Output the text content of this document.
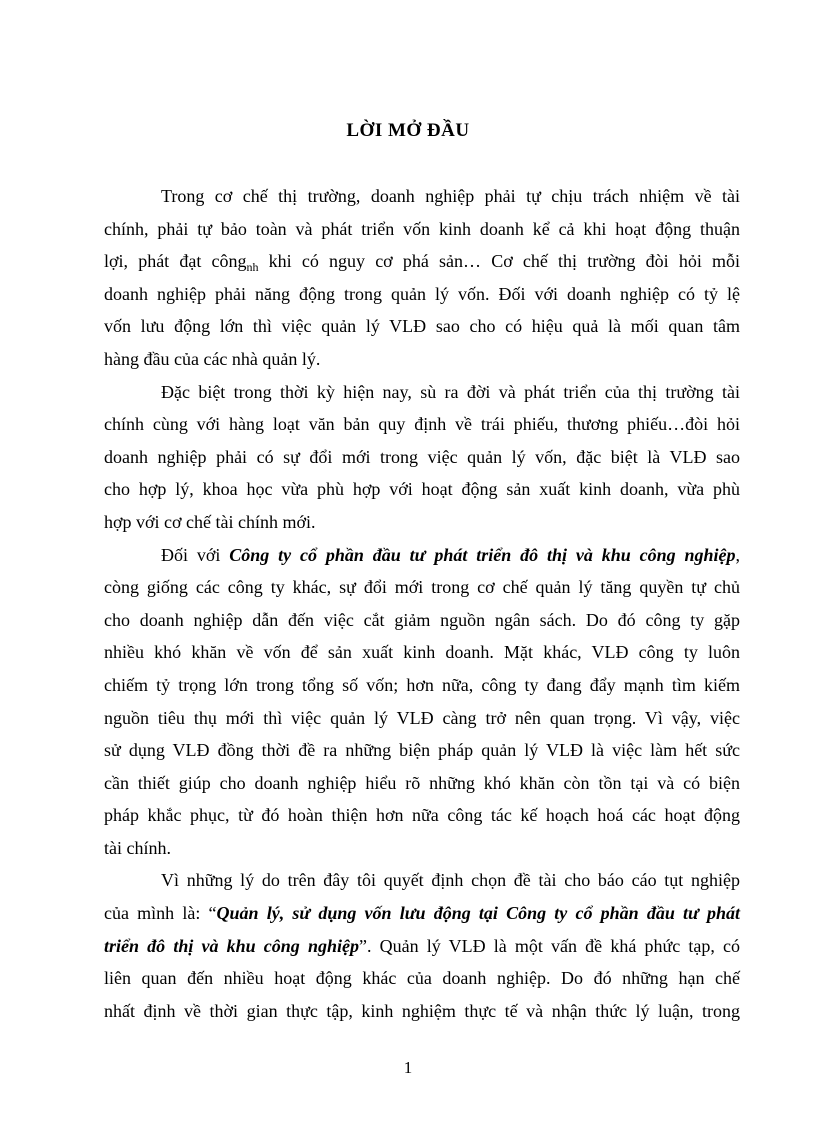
LỜI MỞ ĐẦU
Trong cơ chế thị trường, doanh nghiệp phải tự chịu trách nhiệm về tài
chính, phải tự bảo toàn và phát triển vốn kinh doanh kể cả khi hoạt động thuận
lợi, phát đạt công$_{nh}$ khi có nguy cơ phá sản… Cơ chế thị trường đòi hỏi mỗi
doanh nghiệp phải năng động trong quản lý vốn. Đối với doanh nghiệp có tỷ lệ
vốn lưu động lớn thì việc quản lý VLĐ sao cho có hiệu quả là mối quan tâm
hàng đầu của các nhà quản lý.
Đặc biệt trong thời kỳ hiện nay, sù ra đời và phát triển của thị trường tài
chính cùng với hàng loạt văn bản quy định về trái phiếu, thương phiếu…đòi hỏi
doanh nghiệp phải có sự đổi mới trong việc quản lý vốn, đặc biệt là VLĐ sao
cho hợp lý, khoa học vừa phù hợp với hoạt động sản xuất kinh doanh, vừa phù
hợp với cơ chế tài chính mới.
Đối với Công ty cổ phần đầu tư phát triển đô thị và khu công nghiệp,
còng giống các công ty khác, sự đổi mới trong cơ chế quản lý tăng quyền tự chủ
cho doanh nghiệp dẫn đến việc cắt giảm nguồn ngân sách. Do đó công ty gặp
nhiều khó khăn về vốn để sản xuất kinh doanh. Mặt khác, VLĐ công ty luôn
chiếm tỷ trọng lớn trong tổng số vốn; hơn nữa, công ty đang đẩy mạnh tìm kiếm
nguồn tiêu thụ mới thì việc quản lý VLĐ càng trở nên quan trọng. Vì vậy, việc
sử dụng VLĐ đồng thời đề ra những biện pháp quản lý VLĐ là việc làm hết sức
cần thiết giúp cho doanh nghiệp hiểu rõ những khó khăn còn tồn tại và có biện
pháp khắc phục, từ đó hoàn thiện hơn nữa công tác kế hoạch hoá các hoạt động
tài chính.
Vì những lý do trên đây tôi quyết định chọn đề tài cho báo cáo tụt nghiệp
của mình là: “Quản lý, sử dụng vốn lưu động tại Công ty cổ phần đầu tư phát
triển đô thị và khu công nghiệp”. Quản lý VLĐ là một vấn đề khá phức tạp, có
liên quan đến nhiều hoạt động khác của doanh nghiệp. Do đó những hạn chế
nhất định về thời gian thực tập, kinh nghiệm thực tế và nhận thức lý luận, trong
1
